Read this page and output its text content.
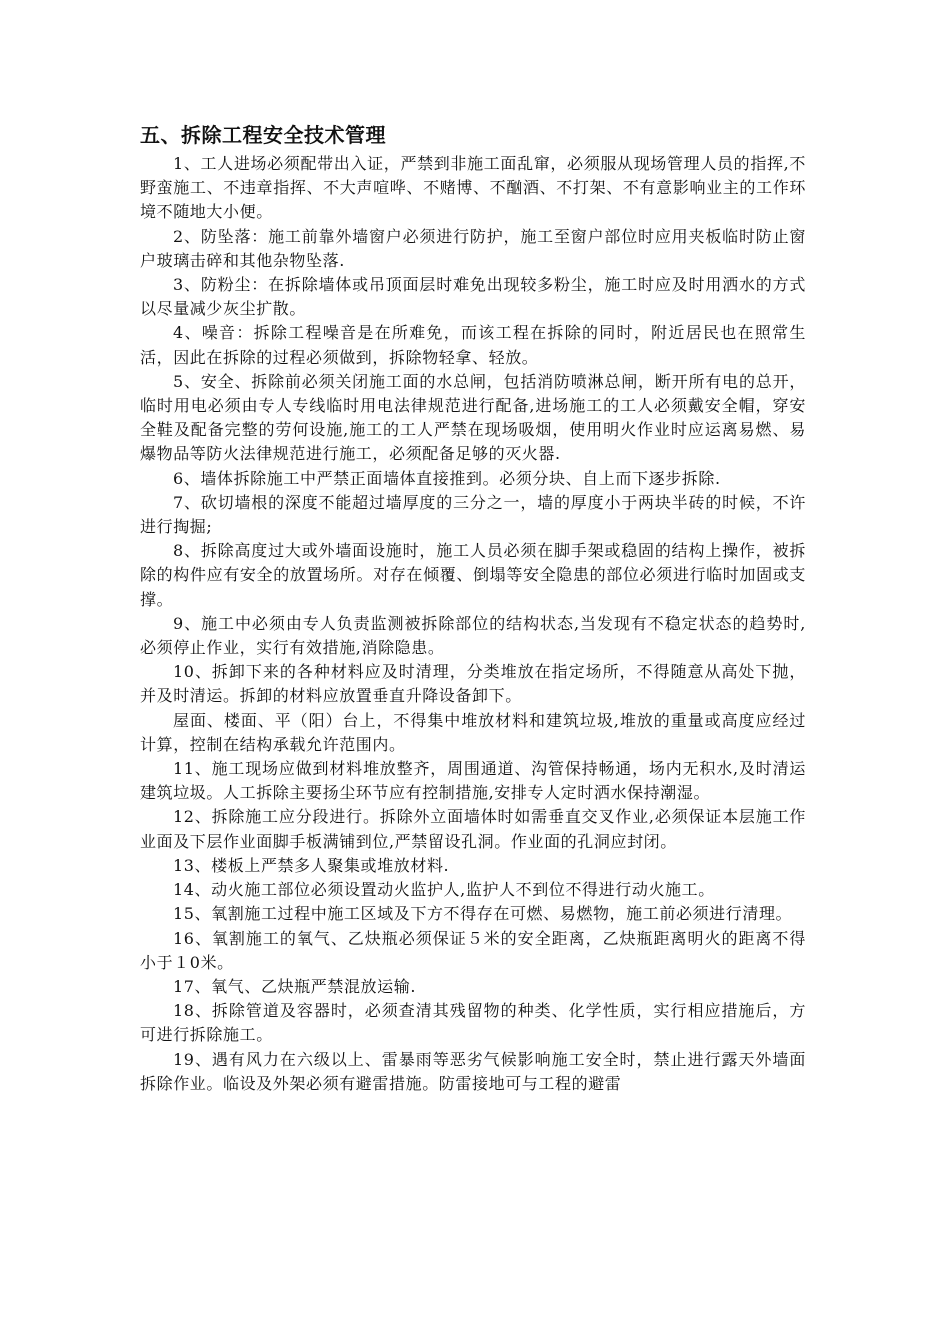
五、拆除工程安全技术管理

1、工人进场必须配带出入证，严禁到非施工面乱窜，必须服从现场管理人员的指挥,不野蛮施工、不违章指挥、不大声喧哗、不赌博、不酗酒、不打架、不有意影响业主的工作环境不随地大小便。

2、防坠落：施工前靠外墙窗户必须进行防护，施工至窗户部位时应用夹板临时防止窗户玻璃击碎和其他杂物坠落.

3、防粉尘：在拆除墙体或吊顶面层时难免出现较多粉尘，施工时应及时用洒水的方式以尽量减少灰尘扩散。

4、噪音：拆除工程噪音是在所难免，而该工程在拆除的同时，附近居民也在照常生活，因此在拆除的过程必须做到，拆除物轻拿、轻放。

5、安全、拆除前必须关闭施工面的水总闸，包括消防喷淋总闸，断开所有电的总开，临时用电必须由专人专线临时用电法律规范进行配备,进场施工的工人必须戴安全帽，穿安全鞋及配备完整的劳何设施,施工的工人严禁在现场吸烟，使用明火作业时应运离易燃、易爆物品等防火法律规范进行施工，必须配备足够的灭火器.

6、墙体拆除施工中严禁正面墙体直接推到。必须分块、自上而下逐步拆除.

7、砍切墙根的深度不能超过墙厚度的三分之一，墙的厚度小于两块半砖的时候，不许进行掏掘;

8、拆除高度过大或外墙面设施时，施工人员必须在脚手架或稳固的结构上操作，被拆除的构件应有安全的放置场所。对存在倾覆、倒塌等安全隐患的部位必须进行临时加固或支撑。

9、施工中必须由专人负责监测被拆除部位的结构状态,当发现有不稳定状态的趋势时,必须停止作业，实行有效措施,消除隐患。

10、拆卸下来的各种材料应及时清理，分类堆放在指定场所，不得随意从高处下抛，并及时清运。拆卸的材料应放置垂直升降设备卸下。

屋面、楼面、平（阳）台上，不得集中堆放材料和建筑垃圾,堆放的重量或高度应经过计算，控制在结构承载允许范围内。

11、施工现场应做到材料堆放整齐，周围通道、沟管保持畅通，场内无积水,及时清运建筑垃圾。人工拆除主要扬尘环节应有控制措施,安排专人定时洒水保持潮湿。

12、拆除施工应分段进行。拆除外立面墙体时如需垂直交叉作业,必须保证本层施工作业面及下层作业面脚手板满铺到位,严禁留设孔洞。作业面的孔洞应封闭。

13、楼板上严禁多人聚集或堆放材料.

14、动火施工部位必须设置动火监护人,监护人不到位不得进行动火施工。

15、氧割施工过程中施工区域及下方不得存在可燃、易燃物，施工前必须进行清理。

16、氧割施工的氧气、乙炔瓶必须保证５米的安全距离，乙炔瓶距离明火的距离不得小于１0米。

17、氧气、乙炔瓶严禁混放运输.

18、拆除管道及容器时，必须查清其残留物的种类、化学性质，实行相应措施后，方可进行拆除施工。

19、遇有风力在六级以上、雷暴雨等恶劣气候影响施工安全时，禁止进行露天外墙面拆除作业。临设及外架必须有避雷措施。防雷接地可与工程的避雷
